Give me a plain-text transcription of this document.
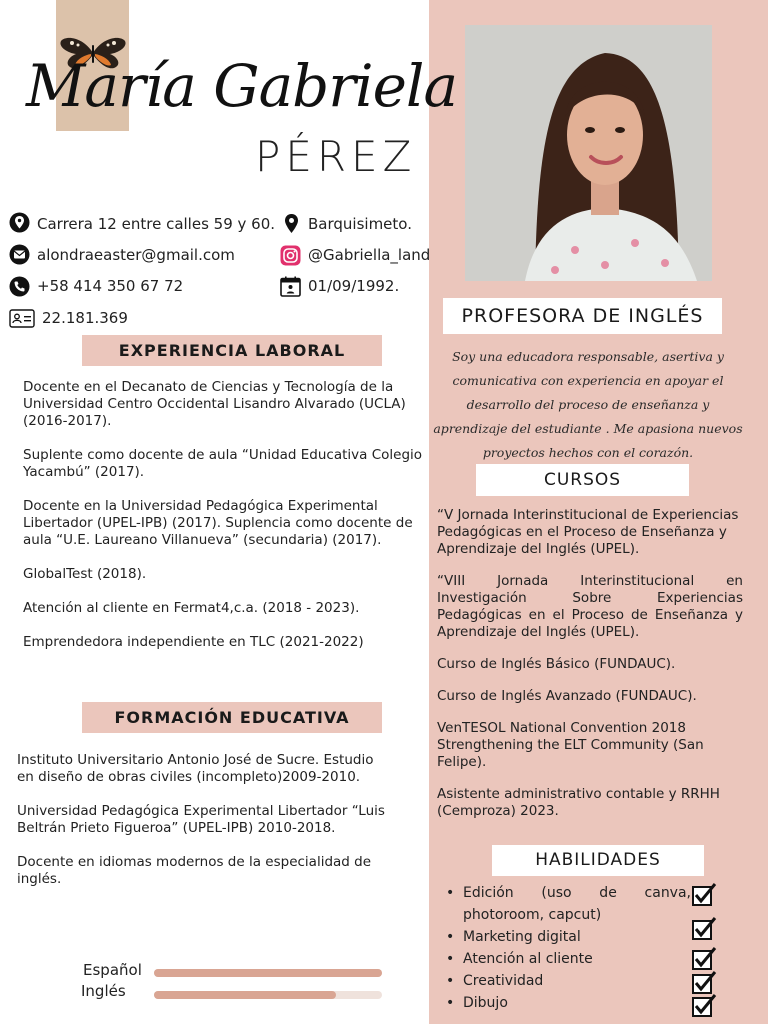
María Gabriela
PÉREZ
Carrera 12 entre calles 59 y 60. Barquisimeto.
alondraeaster@gmail.com	@Gabriella_land
+58 414 350 67 72	01/09/1992.
22.181.369
EXPERIENCIA LABORAL

Docente en el Decanato de Ciencias y Tecnología de la Universidad Centro Occidental Lisandro Alvarado (UCLA) (2016-2017).

Suplente como docente de aula “Unidad Educativa Colegio Yacambú” (2017).

Docente en la Universidad Pedagógica Experimental Libertador (UPEL-IPB) (2017). Suplencia como docente de aula “U.E. Laureano Villanueva” (secundaria) (2017).

GlobalTest (2018).

Atención al cliente en Fermat4,c.a. (2018 - 2023).

Emprendedora independiente en TLC (2021-2022)

FORMACIÓN EDUCATIVA

Instituto Universitario Antonio José de Sucre. Estudio en diseño de obras civiles (incompleto)2009-2010.

Universidad Pedagógica Experimental Libertador “Luis Beltrán Prieto Figueroa” (UPEL-IPB) 2010-2018.

Docente en idiomas modernos de la especialidad de inglés.

Español
Inglés
PROFESORA DE INGLÉS
Soy una educadora responsable, asertiva y comunicativa con experiencia en apoyar el desarrollo del proceso de enseñanza y aprendizaje del estudiante . Me apasiona nuevos proyectos hechos con el corazón.
CURSOS

“V Jornada Interinstitucional de Experiencias Pedagógicas en el Proceso de Enseñanza y Aprendizaje del Inglés (UPEL).

“VIII Jornada Interinstitucional en Investigación Sobre Experiencias Pedagógicas en el Proceso de Enseñanza y Aprendizaje del Inglés (UPEL).

Curso de Inglés Básico (FUNDAUC).

Curso de Inglés Avanzado (FUNDAUC).

VenTESOL National Convention 2018 Strengthening the ELT Community (San Felipe).

Asistente administrativo contable y RRHH (Cemproza) 2023.

HABILIDADES
• Edición (uso de canva, photoroom, capcut)
• Marketing digital
• Atención al cliente
• Creatividad
• Dibujo
